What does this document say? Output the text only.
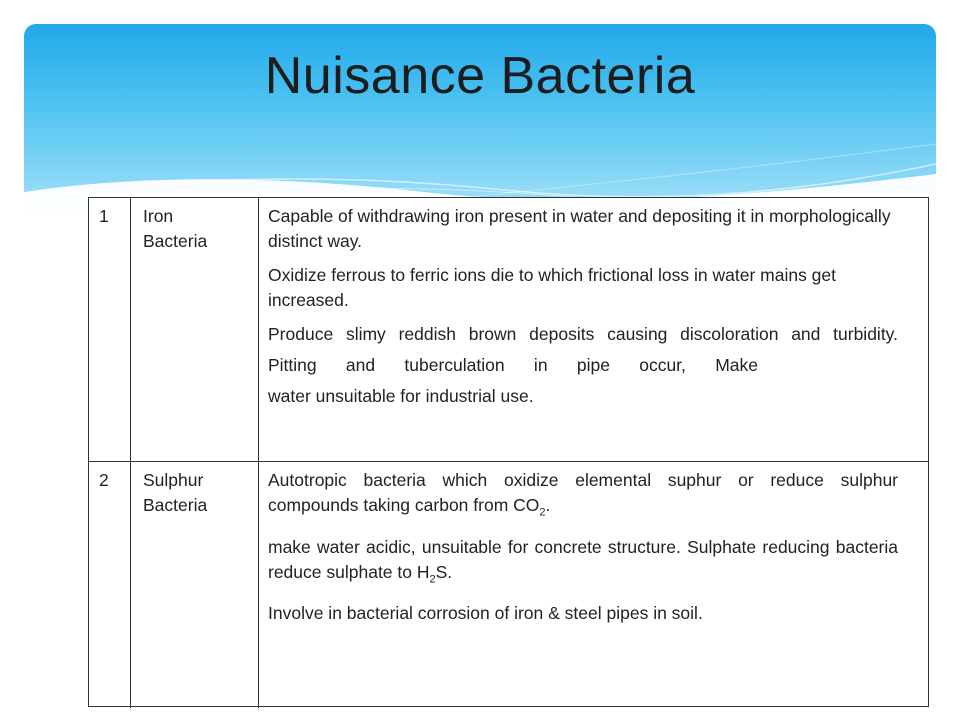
Nuisance Bacteria
1	Iron Bacteria

Capable of withdrawing iron present in water and depositing it in morphologically distinct way.

Oxidize ferrous to ferric ions die to which frictional loss in water mains get increased.

Produce slimy reddish brown deposits causing discoloration and turbidity.

Pitting and tuberculation in pipe occur, Make

water unsuitable for industrial use.

2	Sulphur Bacteria

Autotropic bacteria which oxidize elemental suphur or reduce sulphur compounds taking carbon from $CO_2$.

make water acidic, unsuitable for concrete structure. Sulphate reducing bacteria reduce sulphate to $H_2S$.

Involve in bacterial corrosion of iron & steel pipes in soil.
